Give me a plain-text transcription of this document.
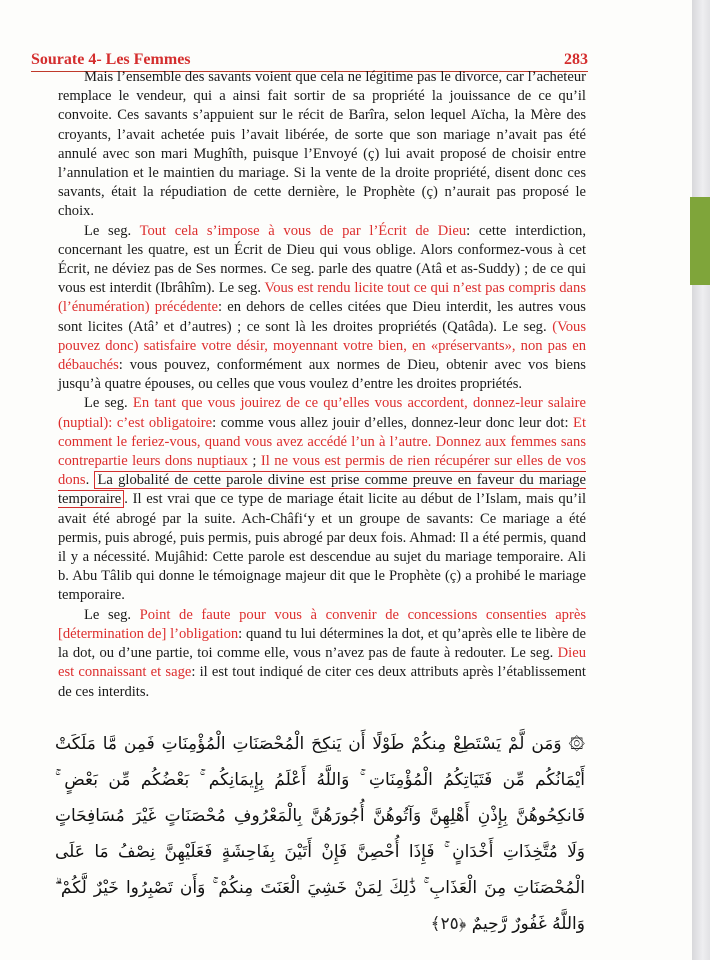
Sourate 4- Les Femmes	283

Mais l’ensemble des savants voient que cela ne légitime pas le divorce, car l’acheteur remplace le vendeur, qui a ainsi fait sortir de sa propriété la jouissance de ce qu’il convoite. Ces savants s’appuient sur le récit de Barîra, selon lequel Aïcha, la Mère des croyants, l’avait achetée puis l’avait libérée, de sorte que son mariage n’avait pas été annulé avec son mari Mughîth, puisque l’Envoyé (ç) lui avait proposé de choisir entre l’annulation et le maintien du mariage. Si la vente de la droite propriété, disent donc ces savants, était la répudiation de cette dernière, le Prophète (ç) n’aurait pas proposé le choix.

Le seg. Tout cela s’impose à vous de par l’Écrit de Dieu: cette interdiction, concernant les quatre, est un Écrit de Dieu qui vous oblige. Alors conformez-vous à cet Écrit, ne déviez pas de Ses normes. Ce seg. parle des quatre (Atâ et as-Suddy) ; de ce qui vous est interdit (Ibrâhîm). Le seg. Vous est rendu licite tout ce qui n’est pas compris dans (l’énumération) précédente: en dehors de celles citées que Dieu interdit, les autres vous sont licites (Atâ’ et d’autres) ; ce sont là les droites propriétés (Qatâda). Le seg. (Vous pouvez donc) satisfaire votre désir, moyennant votre bien, en «préservants», non pas en débauchés: vous pouvez, conformément aux normes de Dieu, obtenir avec vos biens jusqu’à quatre épouses, ou celles que vous voulez d’entre les droites propriétés.

Le seg. En tant que vous jouirez de ce qu’elles vous accordent, donnez-leur salaire (nuptial): c’est obligatoire: comme vous allez jouir d’elles, donnez-leur donc leur dot: Et comment le feriez-vous, quand vous avez accédé l’un à l’autre. Donnez aux femmes sans contrepartie leurs dons nuptiaux ; Il ne vous est permis de rien récupérer sur elles de vos dons. La globalité de cette parole divine est prise comme preuve en faveur du mariage temporaire . Il est vrai que ce type de mariage était licite au début de l’Islam, mais qu’il avait été abrogé par la suite. Ach-Châfi‘y et un groupe de savants: Ce mariage a été permis, puis abrogé, puis permis, puis abrogé par deux fois. Ahmad: Il a été permis, quand il y a nécessité. Mujâhid: Cette parole est descendue au sujet du mariage temporaire. Ali b. Abu Tâlib qui donne le témoignage majeur dit que le Prophète (ç) a prohibé le mariage temporaire.

Le seg. Point de faute pour vous à convenir de concessions consenties après [détermination de] l’obligation: quand tu lui détermines la dot, et qu’après elle te libère de la dot, ou d’une partie, toi comme elle, vous n’avez pas de faute à redouter. Le seg. Dieu est connaissant et sage: il est tout indiqué de citer ces deux attributs après l’établissement de ces interdits.

۞ وَمَن لَّمْ يَسْتَطِعْ مِنكُمْ طَوْلًا أَن يَنكِحَ الْمُحْصَنَاتِ الْمُؤْمِنَاتِ فَمِن مَّا مَلَكَتْ أَيْمَانُكُم مِّن فَتَيَاتِكُمُ الْمُؤْمِنَاتِ ۚ وَاللَّهُ أَعْلَمُ بِإِيمَانِكُم ۚ بَعْضُكُم مِّن بَعْضٍ ۚ فَانكِحُوهُنَّ بِإِذْنِ أَهْلِهِنَّ وَآتُوهُنَّ أُجُورَهُنَّ بِالْمَعْرُوفِ مُحْصَنَاتٍ غَيْرَ مُسَافِحَاتٍ وَلَا مُتَّخِذَاتِ أَخْدَانٍ ۚ فَإِذَا أُحْصِنَّ فَإِنْ أَتَيْنَ بِفَاحِشَةٍ فَعَلَيْهِنَّ نِصْفُ مَا عَلَى الْمُحْصَنَاتِ مِنَ الْعَذَابِ ۚ ذَٰلِكَ لِمَنْ خَشِيَ الْعَنَتَ مِنكُمْ ۚ وَأَن تَصْبِرُوا خَيْرٌ لَّكُمْ ۗ وَاللَّهُ غَفُورٌ رَّحِيمٌ ﴿٢٥﴾
